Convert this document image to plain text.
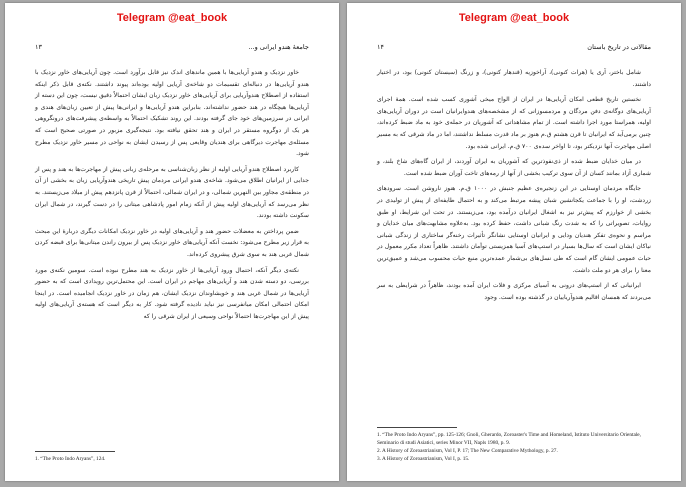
Telegram @eat_book
جامعهٔ هندو ایرانی و...
۱۳

خاور نزدیک و هندو آریایی‌ها با همین ماندهای اندک نیز قابل برآورد است. چون آریایی‌های خاور نزدیک با هندو آریایی‌ها در دنباله‌ای تقسیمات دو شاخه‌ی آریایی اولیه بوده‌اند پیوند داشتند. نکته‌ی قابل ذکر اینکه استفاده از اصطلاح هندوآریایی برای آریایی‌های خاور نزدیک زبان ایشان احتمالاً دقیق نیست، چون این دسته از آریایی‌ها هیچگاه در هند حضور نداشته‌اند. بنابراین هندو آریایی‌ها و ایرانی‌ها پیش از تعیین زبان‌های هندی و ایرانی در سرزمین‌های خود جای گرفته بودند. این روند تشکیک احتمالاً به واسطه‌ی پیشرفت‌های درونگروهی هر یک از دوگروه مستقر در ایران و هند تحقق نیافته بود. نتیجه‌گیری مزبور در صورتی صحیح است که مسئله‌ی مهاجرت دیرگاهی برای هندیان وقایعی پس از رسیدن ایشان به نواحی در مسیر خاور نزدیک مطرح شود.

کاربرد اصطلاح هندو آریایی اولیه از نظر زبان‌شناسی به مرحله‌ی زبانی پیش از مهاجرت‌ها به هند و پس از جدایی از ایرانیان اطلاق می‌شود. شاخه‌ی هندو ایرانی مردمان پیش تاریخی هندوآریایی زبان به بخشی از آن در منطقه‌ی مجاور بین النهرین شمالی، و در ایران شمالی، احتمالاً از قرن پانزدهم پیش از میلاد می‌زیستند. به نظر می‌رسد که آریایی‌های اولیه پیش از آنکه زمام امور پادشاهی میتانی را در دست گیرند، در شمال ایران سکونت داشته بودند.

ضمن پرداختن به معضلات حضور هند و آریایی‌های اولیه در خاور نزدیک امکانات دیگری دربارهٔ این مبحث به قرار زیر مطرح می‌شود: نخست آنکه آریایی‌های خاور نزدیک پس از بیرون راندن میتانی‌ها برای قبضه کردن شمال غربی هند به سوی شرق پیشروی کرده‌اند.

نکته‌ی دیگر آنکه، احتمال ورود آریایی‌ها از خاور نزدیک به هند مطرح نبوده است. سومین نکته‌ی مورد بررسی، دو دسته شدن هند و آریایی‌های مهاجم در ایران است. این محتمل‌ترین رویدادی است که به حضور آریایی‌ها در شمال غربی هند و خویشاوندان نزدیک ایشان، هم زمان در خاور نزدیک انجامیده است. در اینجا امکان احتمالی امکان میانفرسی نیز نباید نادیده گرفته شود. کار به دیگر است که هسته‌ی آریایی‌های اولیه پیش از این مهاجرت‌ها احتمالاً نواحی وسیعی از ایران شرقی را که

1. “The Proto Indo Aryans”, 124.
Telegram @eat_book
مقالاتی در تاریخ باستان
۱۴

شامل باختر، آری یا (هرات کنونی)، آراخوزیه (قندهار کنونی)، و زرنگ (سیستان کنونی) بود، در اختیار داشتند.

نخستین تاریخ قطعی امکان آریایی‌ها در ایران از الواح میخی آشوری کسب شده است. همه‌ٔ اجرای آریایی‌های دوگانه‌ی دفن مردگان و مردمسوزانی که از مشخصه‌های هندوایرانیان است در دوران آریایی‌های اولیه، همراستا مورد اجرا داشته است. از تمام مشاهداتی که آشوریان در حمله‌ی خود به ماد ضبط کرده‌اند، چنین برمی‌آید که ایرانیان تا قرن هشتم ق.م هنوز بر ماد قدرت مسلط نداشتند، اما در ماد شرقی که به مسیر اصلی مهاجرت آنها نزدیکتر بود، تا اواخر سده‌ی ۷۰۰ ق.م. ایرانی شده بود.

در میان خدایان ضبط شده از ذی‌نفوذترین که آشوریان به ایران آوردند، از ایران گاه‌های شاخ بلند، و شماری آزاد بمانند کسان از آن سوی ترکیب بخشی از آنها از رمه‌های تاخت آوران ضبط شده است.

جایگاه مردمان اوستایی در این زنجیره‌ی عظیم جنبش در ۱۰۰۰ ق.م. هنوز ناروشن است. سرود‌های زردشت، او را با جماعت یکجانشین شبان پیشه مرتبط می‌کند و به احتمال طایفه‌ای از پیش از تولیدی در بخشی از خوارزم که پیش‌تر نیز به اشغال ایرانیان درآمده بود، می‌زیستند. در تحت این شرایط، او طبق روایات، تصویراتی را که به شدت رنگ شبانی داشت، حفظ کرده بود. به‌علاوه مشابهت‌های میان خدایان و مراسم و نحوه‌ی تفکر هندیان ودایی و ایرانیان اوستایی نشانگر تأثیرات رخنه‌گر ساختاری از زندگی شبانی نیاکان ایشان است که سال‌ها بسیار در استپ‌های آسیا همزیستی توأمان داشتند. ظاهراً تعداد مکرر معمول در حیات عمومی ایشان گام است که طی نسل‌های بی‌شمار عمده‌ترین منبع حیات محسوب می‌شد و عمیق‌ترین معنا را برای هر دو ملت داشت.

ایرانیانی که از استپ‌های درونی به آسیای مرکزی و فلات ایران آمده بودند، ظاهراً در شرایطی به سر می‌بردند که همسان اقالیم هندوآریاییان در گذشته بوده است. وجود

1. “The Proto Indo Aryans”, pp. 125-126; Gnoli, Gherardo, Zoroaster's Time and Homeland, Istituto Universitario Orientale, Seminario di studi Asiatici, series Minor VII, Napls 1980, p. 9.
2. A History of Zoroastrianism, Vol I, P. 17; The New Comparative Mythology, p. 27.
3. A History of Zoroastrianism, Vol I, p. 15.
